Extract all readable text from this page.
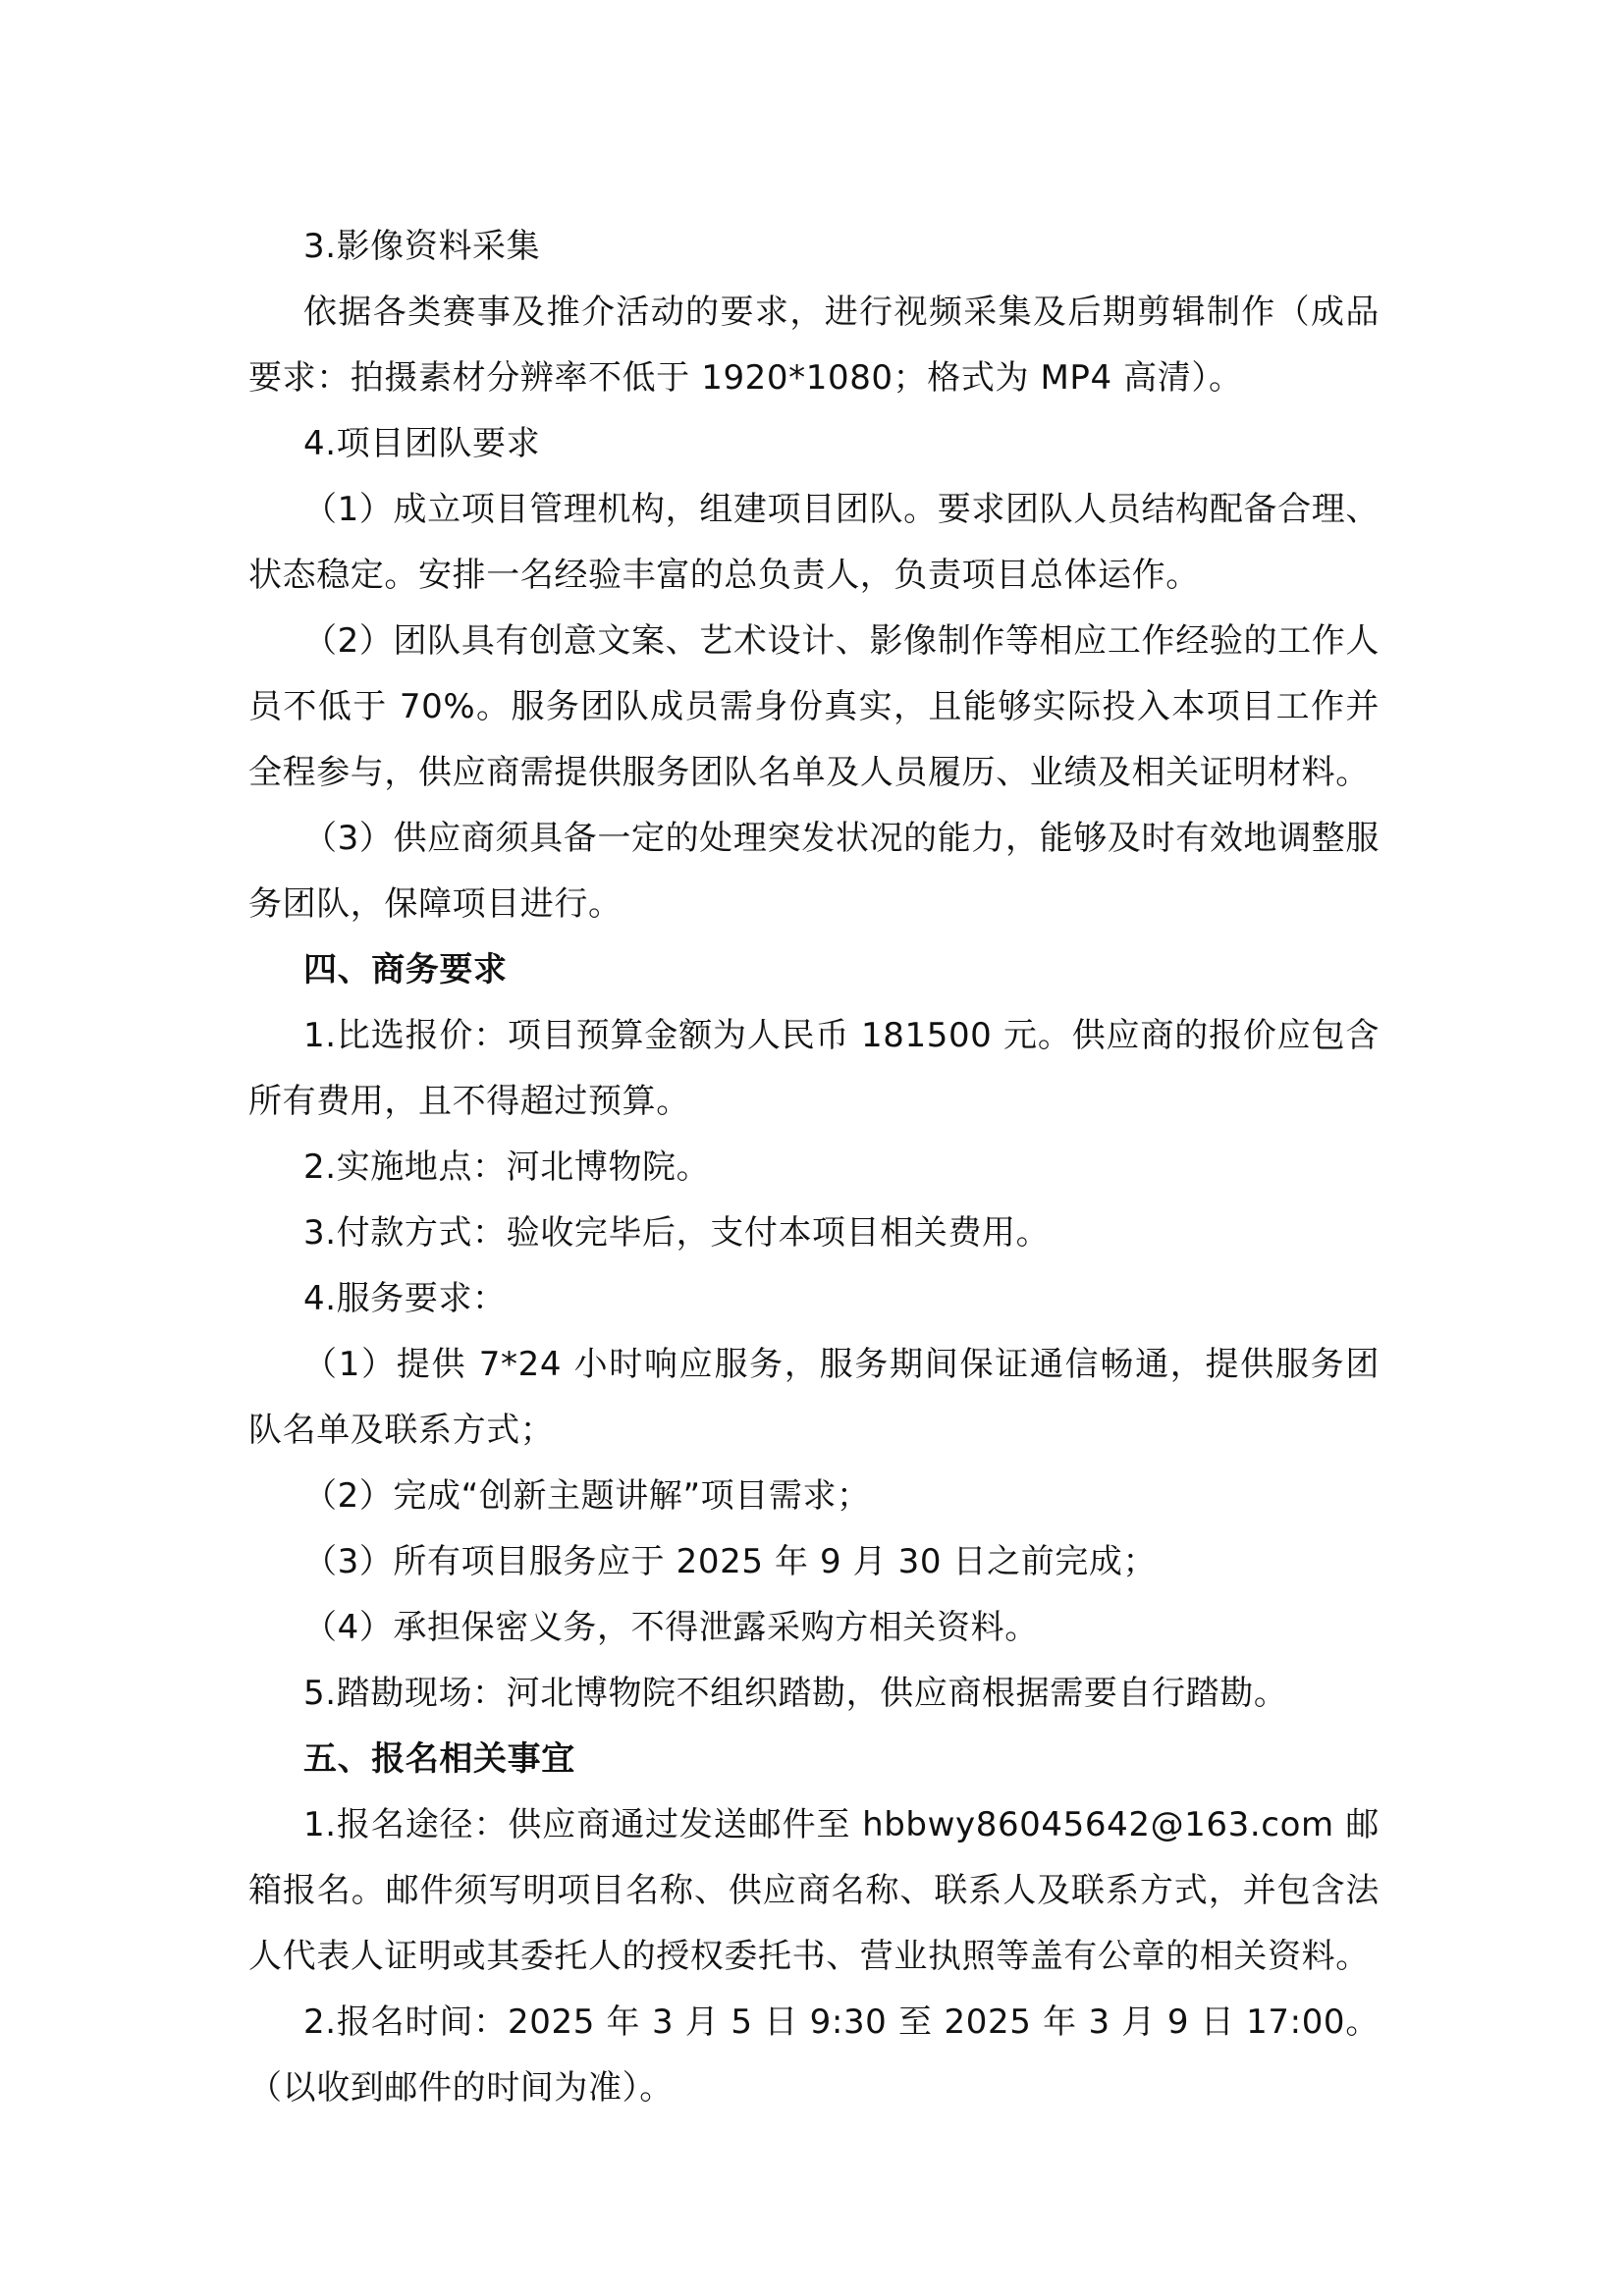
3.影像资料采集

依据各类赛事及推介活动的要求，进行视频采集及后期剪辑制作（成品要求：拍摄素材分辨率不低于 1920*1080；格式为 MP4 高清）。

4.项目团队要求

（1）成立项目管理机构，组建项目团队。要求团队人员结构配备合理、状态稳定。安排一名经验丰富的总负责人，负责项目总体运作。

（2）团队具有创意文案、艺术设计、影像制作等相应工作经验的工作人员不低于 70%。服务团队成员需身份真实，且能够实际投入本项目工作并全程参与，供应商需提供服务团队名单及人员履历、业绩及相关证明材料。

（3）供应商须具备一定的处理突发状况的能力，能够及时有效地调整服务团队，保障项目进行。

四、商务要求

1.比选报价：项目预算金额为人民币 181500 元。供应商的报价应包含所有费用，且不得超过预算。

2.实施地点：河北博物院。

3.付款方式：验收完毕后，支付本项目相关费用。

4.服务要求：

（1）提供 7*24 小时响应服务，服务期间保证通信畅通，提供服务团队名单及联系方式；

（2）完成“创新主题讲解”项目需求；

（3）所有项目服务应于 2025 年 9 月 30 日之前完成；

（4）承担保密义务，不得泄露采购方相关资料。

5.踏勘现场：河北博物院不组织踏勘，供应商根据需要自行踏勘。

五、报名相关事宜

1.报名途径：供应商通过发送邮件至 hbbwy86045642@163.com 邮箱报名。邮件须写明项目名称、供应商名称、联系人及联系方式，并包含法人代表人证明或其委托人的授权委托书、营业执照等盖有公章的相关资料。

2.报名时间：2025 年 3 月 5 日 9:30 至 2025 年 3 月 9 日 17:00。（以收到邮件的时间为准）。
